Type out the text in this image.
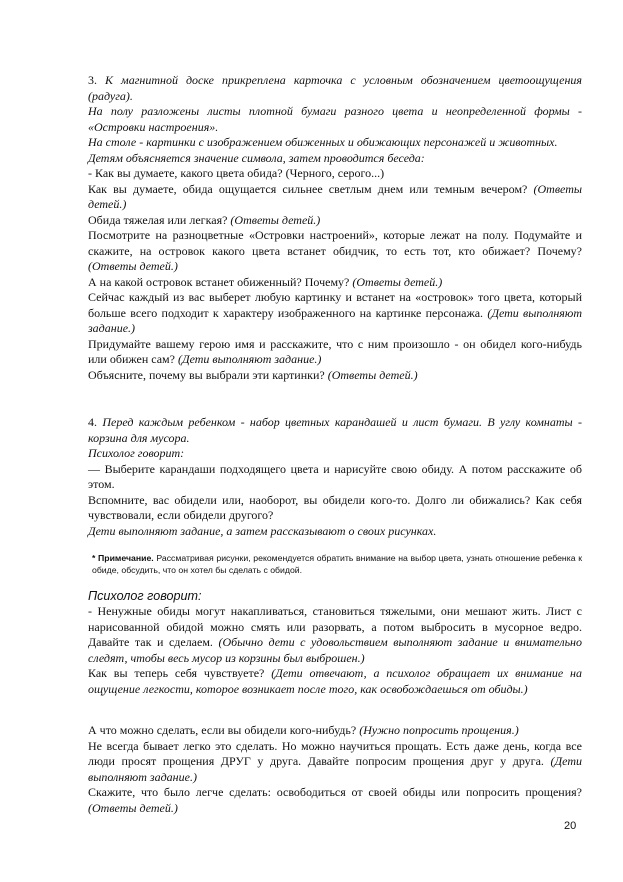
3. К магнитной доске прикреплена карточка с условным обозначением цветоощущения (радуга).

На полу разложены листы плотной бумаги разного цвета и неопределенной формы - «Островки настроения».

На столе - картинки с изображением обиженных и обижающих персонажей и животных.

Детям объясняется значение символа, затем проводится беседа:

- Как вы думаете, какого цвета обида? (Черного, серого...)

Как вы думаете, обида ощущается сильнее светлым днем или темным вечером? (Ответы детей.)

Обида тяжелая или легкая? (Ответы детей.)

Посмотрите на разноцветные «Островки настроений», которые лежат на полу. Подумайте и скажите, на островок какого цвета встанет обидчик, то есть тот, кто обижает? Почему? (Ответы детей.)

А на какой островок встанет обиженный? Почему? (Ответы детей.)

Сейчас каждый из вас выберет любую картинку и встанет на «островок» того цвета, который больше всего подходит к характеру изображенного на картинке персонажа. (Дети выполняют задание.)

Придумайте вашему герою имя и расскажите, что с ним произошло - он обидел кого-нибудь или обижен сам? (Дети выполняют задание.)

Объясните, почему вы выбрали эти картинки? (Ответы детей.)

4. Перед каждым ребенком - набор цветных карандашей и лист бумаги. В углу комнаты - корзина для мусора.

Психолог говорит:

— Выберите карандаши подходящего цвета и нарисуйте свою обиду. А потом расскажите об этом.

Вспомните, вас обидели или, наоборот, вы обидели кого-то. Долго ли обижались? Как себя чувствовали, если обидели другого?

Дети выполняют задание, а затем рассказывают о своих рисунках.

* Примечание. Рассматривая рисунки, рекомендуется обратить внимание на выбор цвета, узнать отношение ребенка к обиде, обсудить, что он хотел бы сделать с обидой.

Психолог говорит:

- Ненужные обиды могут накапливаться, становиться тяжелыми, они мешают жить. Лист с нарисованной обидой можно смять или разорвать, а потом выбросить в мусорное ведро. Давайте так и сделаем. (Обычно дети с удовольствием выполняют задание и внимательно следят, чтобы весь мусор из корзины был выброшен.)

Как вы теперь себя чувствуете? (Дети отвечают, а психолог обращает их внимание на ощущение легкости, которое возникает после того, как освобождаешься от обиды.)

А что можно сделать, если вы обидели кого-нибудь? (Нужно попросить прощения.)

Не всегда бывает легко это сделать. Но можно научиться прощать. Есть даже день, когда все люди просят прощения ДРУГ у друга. Давайте попросим прощения друг у друга. (Дети выполняют задание.)

Скажите, что было легче сделать: освободиться от своей обиды или попросить прощения? (Ответы детей.)

20
